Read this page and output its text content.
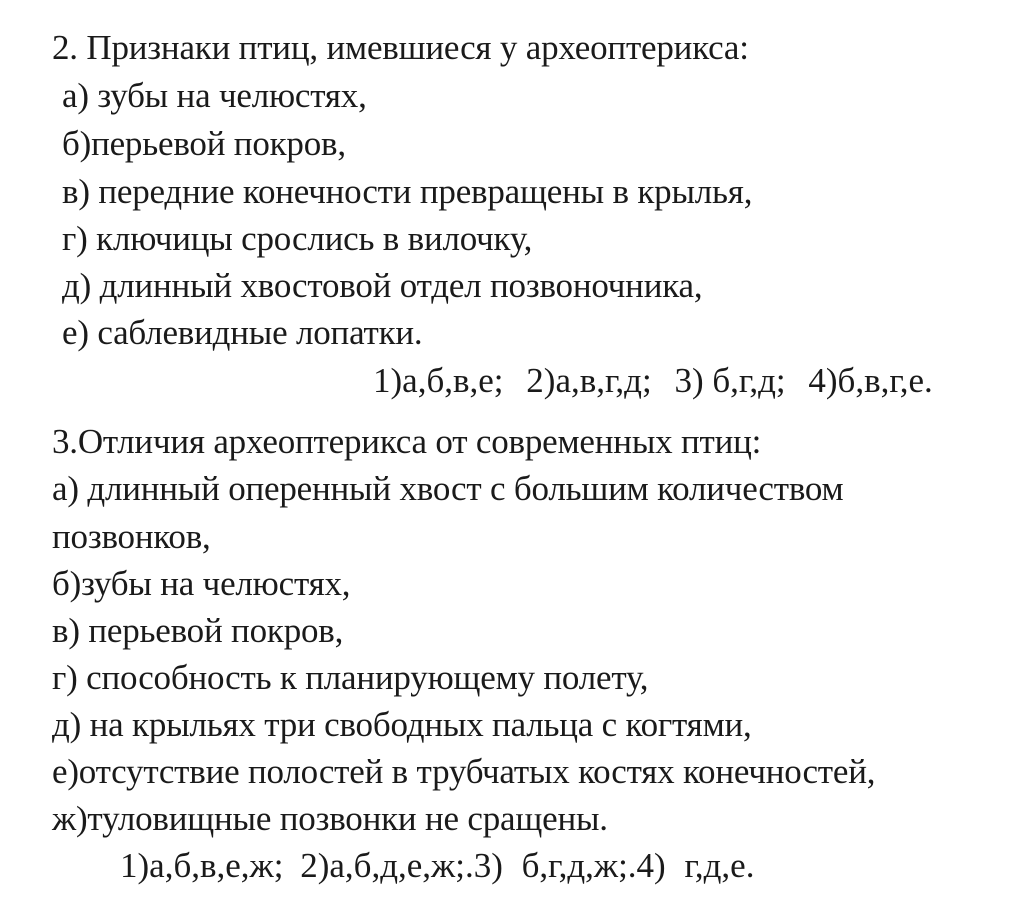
2. Признаки птиц, имевшиеся у археоптерикса:
а) зубы на челюстях,
б)перьевой покров,
в) передние конечности превращены в крылья,
г) ключицы срослись в вилочку,
д) длинный хвостовой отдел позвоночника,
е) саблевидные лопатки.
1)а,б,в,е; 2)а,в,г,д; 3) б,г,д; 4)б,в,г,е.
3.Отличия археоптерикса от современных птиц:
а) длинный оперенный хвост с большим количеством
позвонков,
б)зубы на челюстях,
в) перьевой покров,
г) способность к планирующему полету,
д) на крыльях три свободных пальца с когтями,
е)отсутствие полостей в трубчатых костях конечностей,
ж)туловищные позвонки не сращены.
1)а,б,в,е,ж; 2)а,б,д,е,ж;.3) б,г,д,ж;.4) г,д,е.
